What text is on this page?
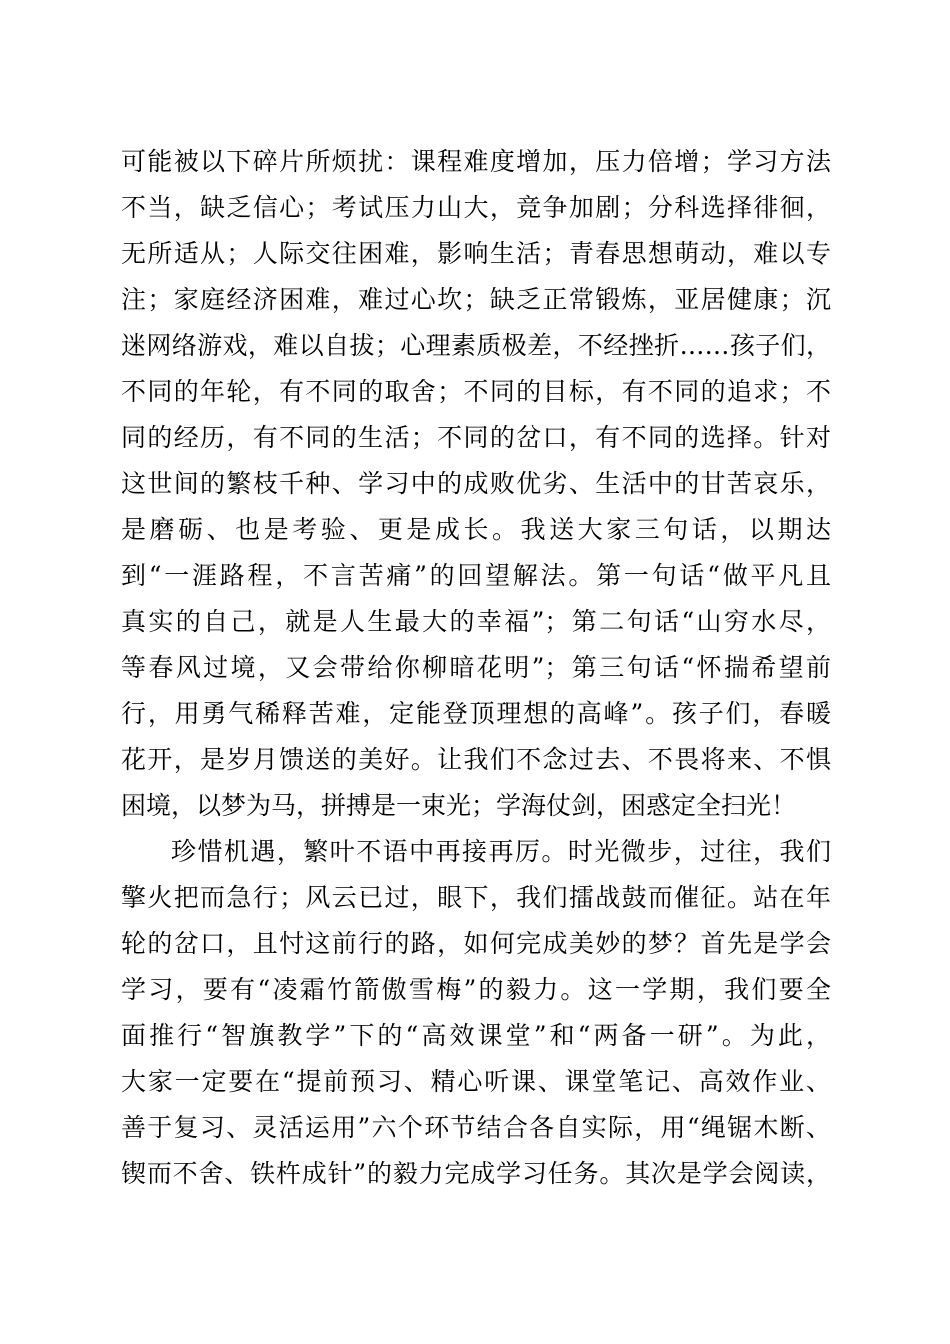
可能被以下碎片所烦扰：课程难度增加，压力倍增；学习方法
不当，缺乏信心；考试压力山大，竞争加剧；分科选择徘徊，
无所适从；人际交往困难，影响生活；青春思想萌动，难以专
注；家庭经济困难，难过心坎；缺乏正常锻炼，亚居健康；沉
迷网络游戏，难以自拔；心理素质极差，不经挫折……孩子们，
不同的年轮，有不同的取舍；不同的目标，有不同的追求；不
同的经历，有不同的生活；不同的岔口，有不同的选择。针对
这世间的繁枝千种、学习中的成败优劣、生活中的甘苦哀乐，
是磨砺、也是考验、更是成长。我送大家三句话，以期达
到“一涯路程，不言苦痛”的回望解法。第一句话“做平凡且
真实的自己，就是人生最大的幸福”；第二句话“山穷水尽，
等春风过境，又会带给你柳暗花明”；第三句话“怀揣希望前
行，用勇气稀释苦难，定能登顶理想的高峰”。孩子们，春暖
花开，是岁月馈送的美好。让我们不念过去、不畏将来、不惧
困境，以梦为马，拼搏是一束光；学海仗剑，困惑定全扫光！
珍惜机遇，繁叶不语中再接再厉。时光微步，过往，我们
擎火把而急行；风云已过，眼下，我们擂战鼓而催征。站在年
轮的岔口，且忖这前行的路，如何完成美妙的梦？首先是学会
学习，要有“凌霜竹箭傲雪梅”的毅力。这一学期，我们要全
面推行“智旗教学”下的“高效课堂”和“两备一研”。为此，
大家一定要在“提前预习、精心听课、课堂笔记、高效作业、
善于复习、灵活运用”六个环节结合各自实际，用“绳锯木断、
锲而不舍、铁杵成针”的毅力完成学习任务。其次是学会阅读，
